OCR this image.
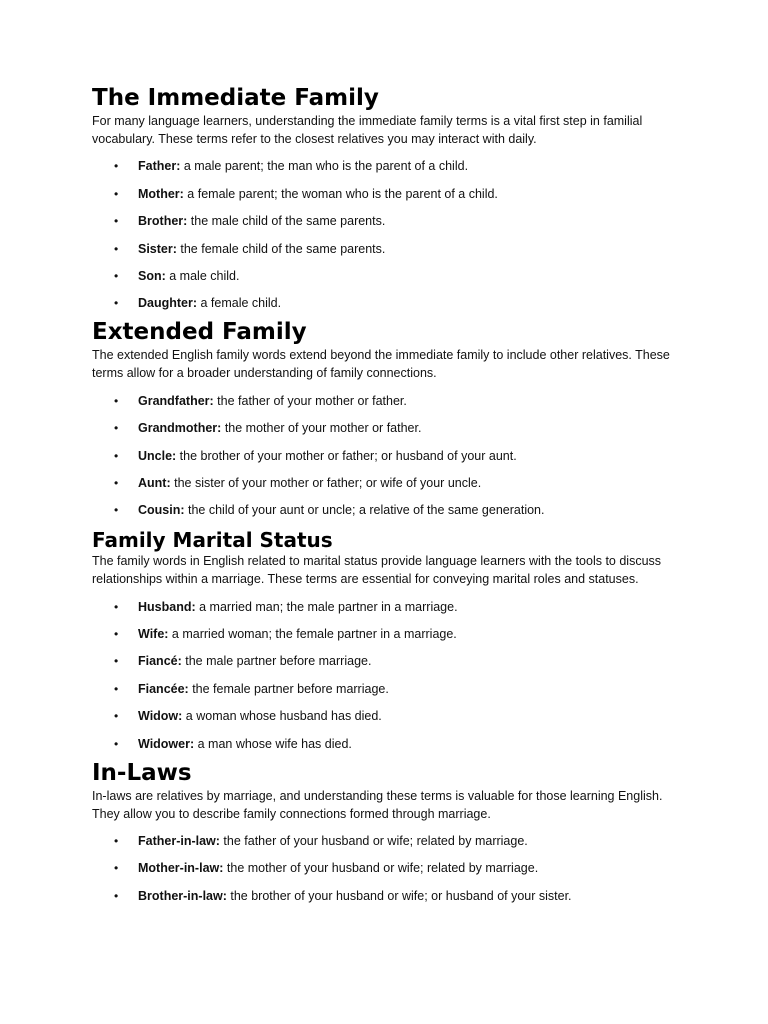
The Immediate Family

For many language learners, understanding the immediate family terms is a vital first step in familial vocabulary. These terms refer to the closest relatives you may interact with daily.

• Father: a male parent; the man who is the parent of a child.
• Mother: a female parent; the woman who is the parent of a child.
• Brother: the male child of the same parents.
• Sister: the female child of the same parents.
• Son: a male child.
• Daughter: a female child.
Extended Family

The extended English family words extend beyond the immediate family to include other relatives. These terms allow for a broader understanding of family connections.

• Grandfather: the father of your mother or father.
• Grandmother: the mother of your mother or father.
• Uncle: the brother of your mother or father; or husband of your aunt.
• Aunt: the sister of your mother or father; or wife of your uncle.
• Cousin: the child of your aunt or uncle; a relative of the same generation.
Family Marital Status

The family words in English related to marital status provide language learners with the tools to discuss relationships within a marriage. These terms are essential for conveying marital roles and statuses.

• Husband: a married man; the male partner in a marriage.
• Wife: a married woman; the female partner in a marriage.
• Fiancé: the male partner before marriage.
• Fiancée: the female partner before marriage.
• Widow: a woman whose husband has died.
• Widower: a man whose wife has died.
In-Laws

In-laws are relatives by marriage, and understanding these terms is valuable for those learning English. They allow you to describe family connections formed through marriage.

• Father-in-law: the father of your husband or wife; related by marriage.
• Mother-in-law: the mother of your husband or wife; related by marriage.
• Brother-in-law: the brother of your husband or wife; or husband of your sister.
